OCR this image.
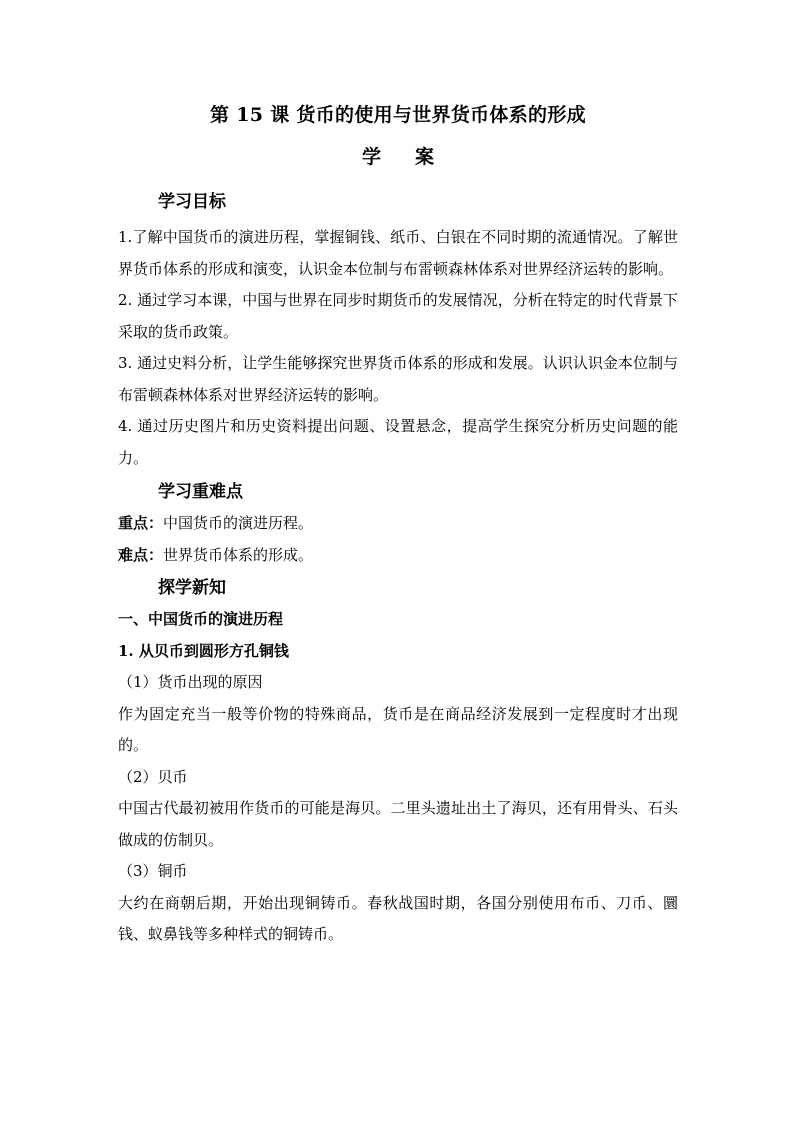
第 15 课 货币的使用与世界货币体系的形成
学案
学习目标

1.了解中国货币的演进历程，掌握铜钱、纸币、白银在不同时期的流通情况。了解世界货币体系的形成和演变，认识金本位制与布雷顿森林体系对世界经济运转的影响。

2. 通过学习本课，中国与世界在同步时期货币的发展情况，分析在特定的时代背景下采取的货币政策。

3. 通过史料分析，让学生能够探究世界货币体系的形成和发展。认识认识金本位制与布雷顿森林体系对世界经济运转的影响。

4. 通过历史图片和历史资料提出问题、设置悬念，提高学生探究分析历史问题的能力。

学习重难点

重点：中国货币的演进历程。

难点：世界货币体系的形成。

探学新知

一、中国货币的演进历程

1. 从贝币到圆形方孔铜钱

（1）货币出现的原因

作为固定充当一般等价物的特殊商品，货币是在商品经济发展到一定程度时才出现的。

（2）贝币

中国古代最初被用作货币的可能是海贝。二里头遗址出土了海贝，还有用骨头、石头做成的仿制贝。

（3）铜币

大约在商朝后期，开始出现铜铸币。春秋战国时期，各国分别使用布币、刀币、圜钱、蚁鼻钱等多种样式的铜铸币。
